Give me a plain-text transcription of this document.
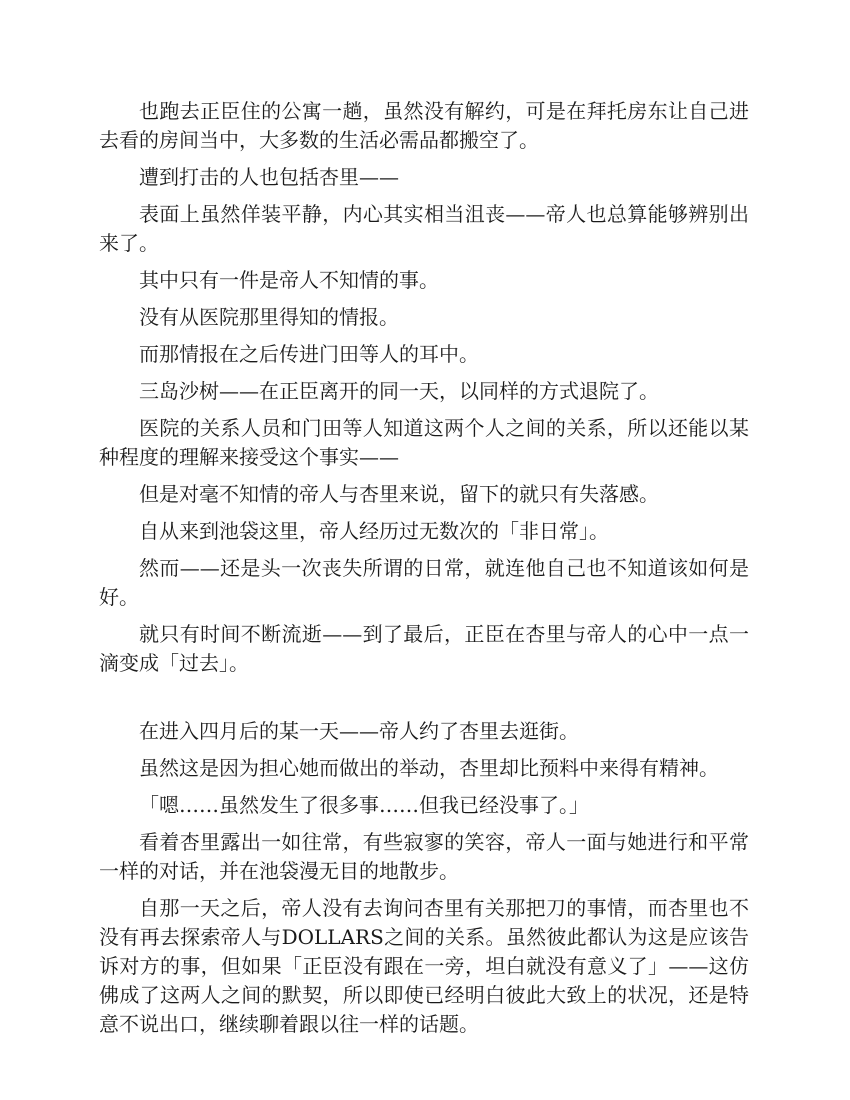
也跑去正臣住的公寓一趟，虽然没有解约，可是在拜托房东让自己进去看的房间当中，大多数的生活必需品都搬空了。

遭到打击的人也包括杏里——

表面上虽然佯装平静，内心其实相当沮丧——帝人也总算能够辨别出来了。

其中只有一件是帝人不知情的事。

没有从医院那里得知的情报。

而那情报在之后传进门田等人的耳中。

三岛沙树——在正臣离开的同一天，以同样的方式退院了。

医院的关系人员和门田等人知道这两个人之间的关系，所以还能以某种程度的理解来接受这个事实——

但是对毫不知情的帝人与杏里来说，留下的就只有失落感。

自从来到池袋这里，帝人经历过无数次的「非日常」。

然而——还是头一次丧失所谓的日常，就连他自己也不知道该如何是好。

就只有时间不断流逝——到了最后，正臣在杏里与帝人的心中一点一滴变成「过去」。

在进入四月后的某一天——帝人约了杏里去逛街。

虽然这是因为担心她而做出的举动，杏里却比预料中来得有精神。

「嗯……虽然发生了很多事……但我已经没事了。」

看着杏里露出一如往常，有些寂寥的笑容，帝人一面与她进行和平常一样的对话，并在池袋漫无目的地散步。

自那一天之后，帝人没有去询问杏里有关那把刀的事情，而杏里也不没有再去探索帝人与DOLLARS之间的关系。虽然彼此都认为这是应该告诉对方的事，但如果「正臣没有跟在一旁，坦白就没有意义了」——这仿佛成了这两人之间的默契，所以即使已经明白彼此大致上的状况，还是特意不说出口，继续聊着跟以往一样的话题。
